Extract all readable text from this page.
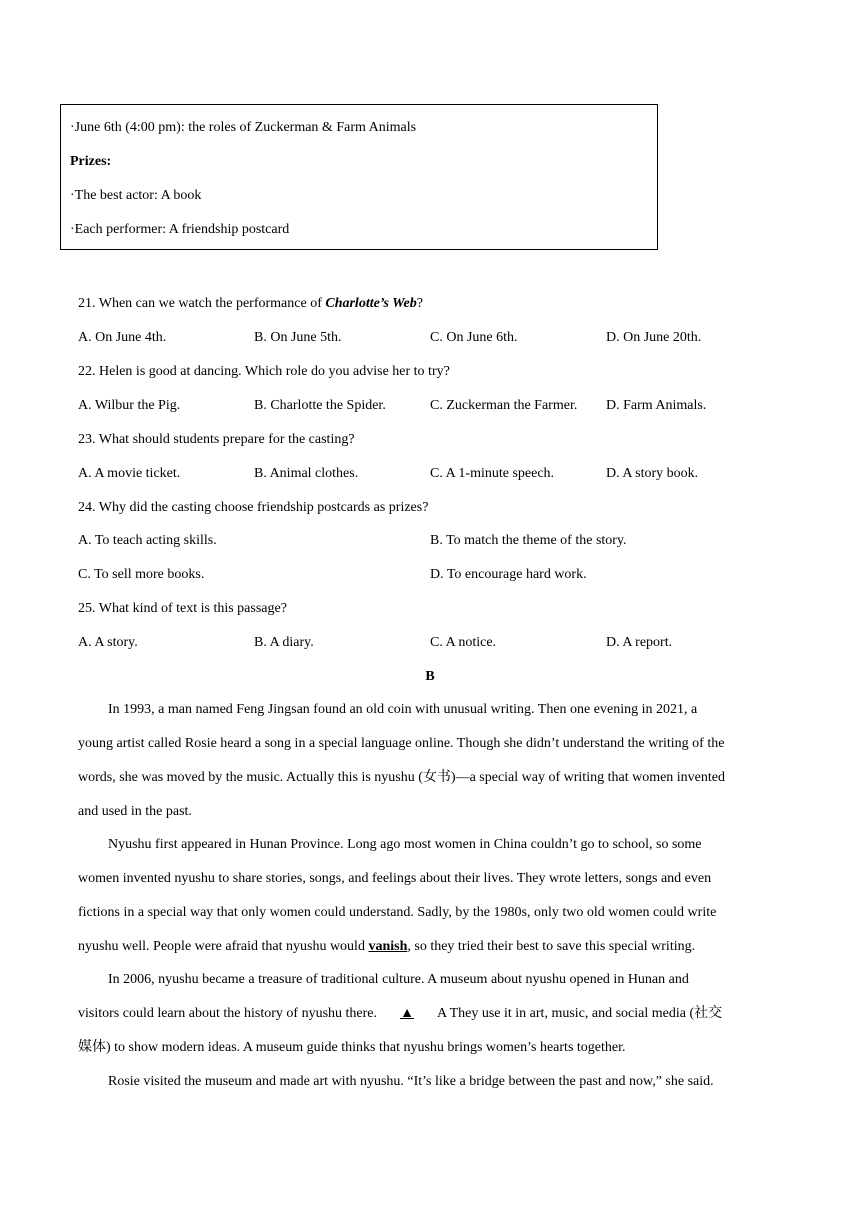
·June 6th (4:00 pm): the roles of Zuckerman & Farm Animals
Prizes:
·The best actor: A book
·Each performer: A friendship postcard
21. When can we watch the performance of Charlotte’s Web?
A. On June 4th.	B. On June 5th.	C. On June 6th.	D. On June 20th.
22. Helen is good at dancing. Which role do you advise her to try?
A. Wilbur the Pig.	B. Charlotte the Spider.	C. Zuckerman the Farmer. D. Farm Animals.
23. What should students prepare for the casting?
A. A movie ticket.	B. Animal clothes.	C. A 1-minute speech.	D. A story book.
24. Why did the casting choose friendship postcards as prizes?
A. To teach acting skills.	B. To match the theme of the story.
C. To sell more books.	D. To encourage hard work.
25. What kind of text is this passage?
A. A story.	B. A diary.	C. A notice.	D. A report.
B
In 1993, a man named Feng Jingsan found an old coin with unusual writing. Then one evening in 2021, a
young artist called Rosie heard a song in a special language online. Though she didn’t understand the writing of the
words, she was moved by the music. Actually this is nyushu (女书)—a special way of writing that women invented
and used in the past.
Nyushu first appeared in Hunan Province. Long ago most women in China couldn’t go to school, so some
women invented nyushu to share stories, songs, and feelings about their lives. They wrote letters, songs and even
fictions in a special way that only women could understand. Sadly, by the 1980s, only two old women could write
nyushu well. People were afraid that nyushu would vanish, so they tried their best to save this special writing.
In 2006, nyushu became a treasure of traditional culture. A museum about nyushu opened in Hunan and
visitors could learn about the history of nyushu there. ▲ A They use it in art, music, and social media (社交
媒体) to show modern ideas. A museum guide thinks that nyushu brings women’s hearts together.
Rosie visited the museum and made art with nyushu. “It’s like a bridge between the past and now,” she said.
